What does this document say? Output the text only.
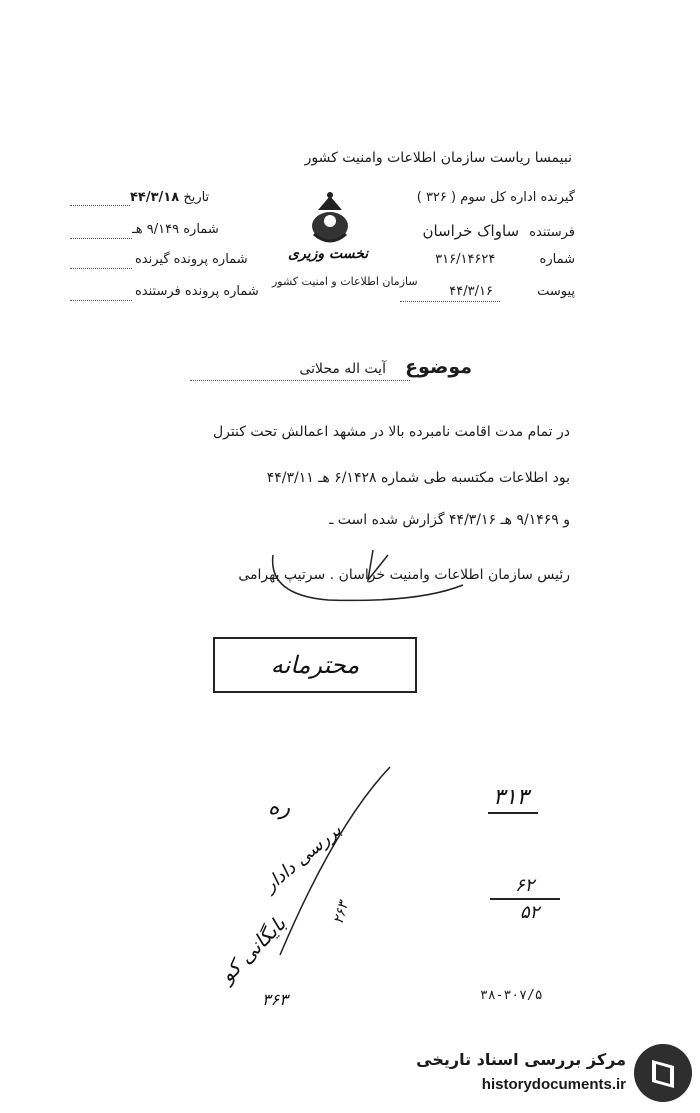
نبیمسا ریاست سازمان اطلاعات وامنیت کشور
گیرنده اداره کل سوم ( ۳۲۶ )
فرستنده ساواک خراسان
شماره ۳۱۶/۱۴۶۲۴
پیوست ۴۴/۳/۱۶
نخست وزیری
سازمان اطلاعات و امنیت کشور
تاریخ ۴۴/۳/۱۸
شماره ۹/۱۴۹ هـ
شماره پرونده گیرنده
شماره پرونده فرستنده
موضوع آیت اله محلاتی
در تمام مدت اقامت نامبرده بالا در مشهد اعمالش تحت کنترل
بود اطلاعات مکتسبه طی شماره ۶/۱۴۲۸ هـ ۴۴/۳/۱۱
و ۹/۱۴۶۹ هـ ۴۴/۳/۱۶ گزارش شده است ـ
رئیس سازمان اطلاعات وامنیت خراسان . سرتیپ بهرامی
محترمانه
۳۱۳
ره
بررسی دادار
بایگانی کو
۳۶۳
۲۶۳
۶۲
۵۲
۳۸-۳۰۷/۵
مرکز بررسی اسناد تاریخی
historydocuments.ir
